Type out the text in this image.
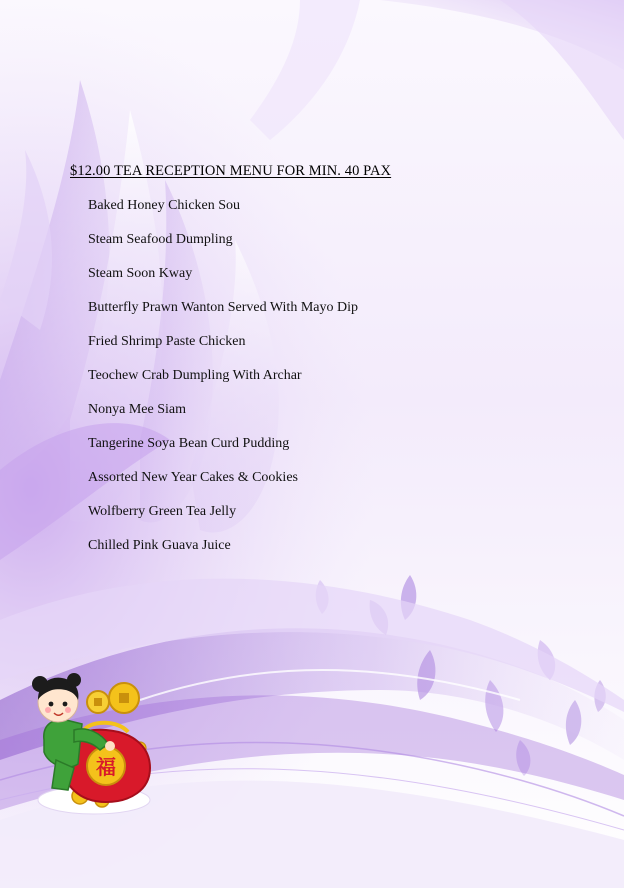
$12.00 TEA RECEPTION MENU FOR MIN. 40 PAX
Baked Honey Chicken Sou
Steam Seafood Dumpling
Steam Soon Kway
Butterfly Prawn Wanton Served With Mayo Dip
Fried Shrimp Paste Chicken
Teochew Crab Dumpling With Archar
Nonya Mee Siam
Tangerine Soya Bean Curd Pudding
Assorted New Year Cakes & Cookies
Wolfberry Green Tea Jelly
Chilled Pink Guava Juice
福
